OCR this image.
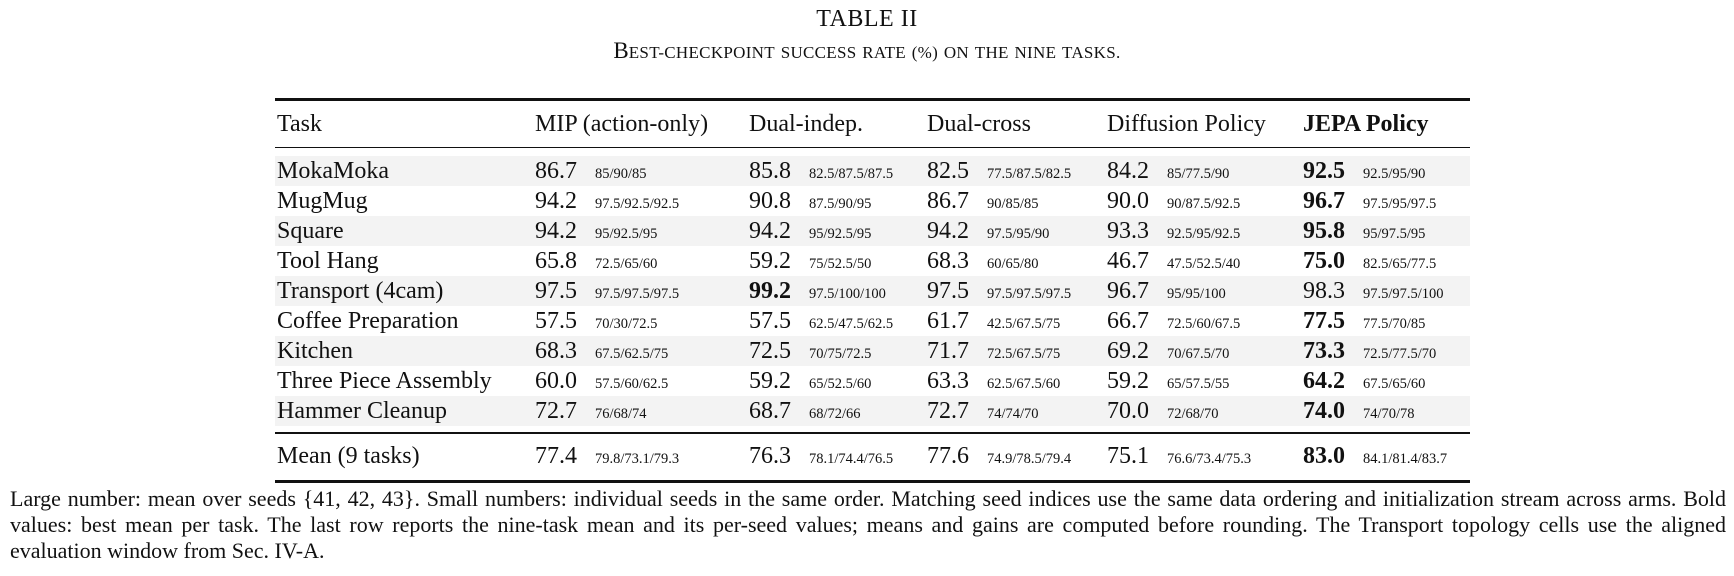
TABLE II
BEST-CHECKPOINT SUCCESS RATE (%) ON THE NINE TASKS.
Task	MIP (action-only)	Dual-indep.	Dual-cross	Diffusion Policy	JEPA Policy
MokaMoka	86.7 85/90/85	85.8 82.5/87.5/87.5	82.5 77.5/87.5/82.5	84.2 85/77.5/90	92.5 92.5/95/90
MugMug	94.2 97.5/92.5/92.5	90.8 87.5/90/95	86.7 90/85/85	90.0 90/87.5/92.5	96.7 97.5/95/97.5
Square	94.2 95/92.5/95	94.2 95/92.5/95	94.2 97.5/95/90	93.3 92.5/95/92.5	95.8 95/97.5/95
Tool Hang	65.8 72.5/65/60	59.2 75/52.5/50	68.3 60/65/80	46.7 47.5/52.5/40	75.0 82.5/65/77.5
Transport (4cam)	97.5 97.5/97.5/97.5	99.2 97.5/100/100	97.5 97.5/97.5/97.5	96.7 95/95/100	98.3 97.5/97.5/100
Coffee Preparation	57.5 70/30/72.5	57.5 62.5/47.5/62.5	61.7 42.5/67.5/75	66.7 72.5/60/67.5	77.5 77.5/70/85
Kitchen	68.3 67.5/62.5/75	72.5 70/75/72.5	71.7 72.5/67.5/75	69.2 70/67.5/70	73.3 72.5/77.5/70
Three Piece Assembly	60.0 57.5/60/62.5	59.2 65/52.5/60	63.3 62.5/67.5/60	59.2 65/57.5/55	64.2 67.5/65/60
Hammer Cleanup	72.7 76/68/74	68.7 68/72/66	72.7 74/74/70	70.0 72/68/70	74.0 74/70/78
Mean (9 tasks)	77.4 79.8/73.1/79.3	76.3 78.1/74.4/76.5	77.6 74.9/78.5/79.4	75.1 76.6/73.4/75.3	83.0 84.1/81.4/83.7
Large number: mean over seeds {41, 42, 43}. Small numbers: individual seeds in the same order. Matching seed indices use the same data ordering and initialization stream across arms. Bold values: best mean per task. The last row reports the nine-task mean and its per-seed values; means and gains are computed before rounding. The Transport topology cells use the aligned evaluation window from Sec. IV-A.
